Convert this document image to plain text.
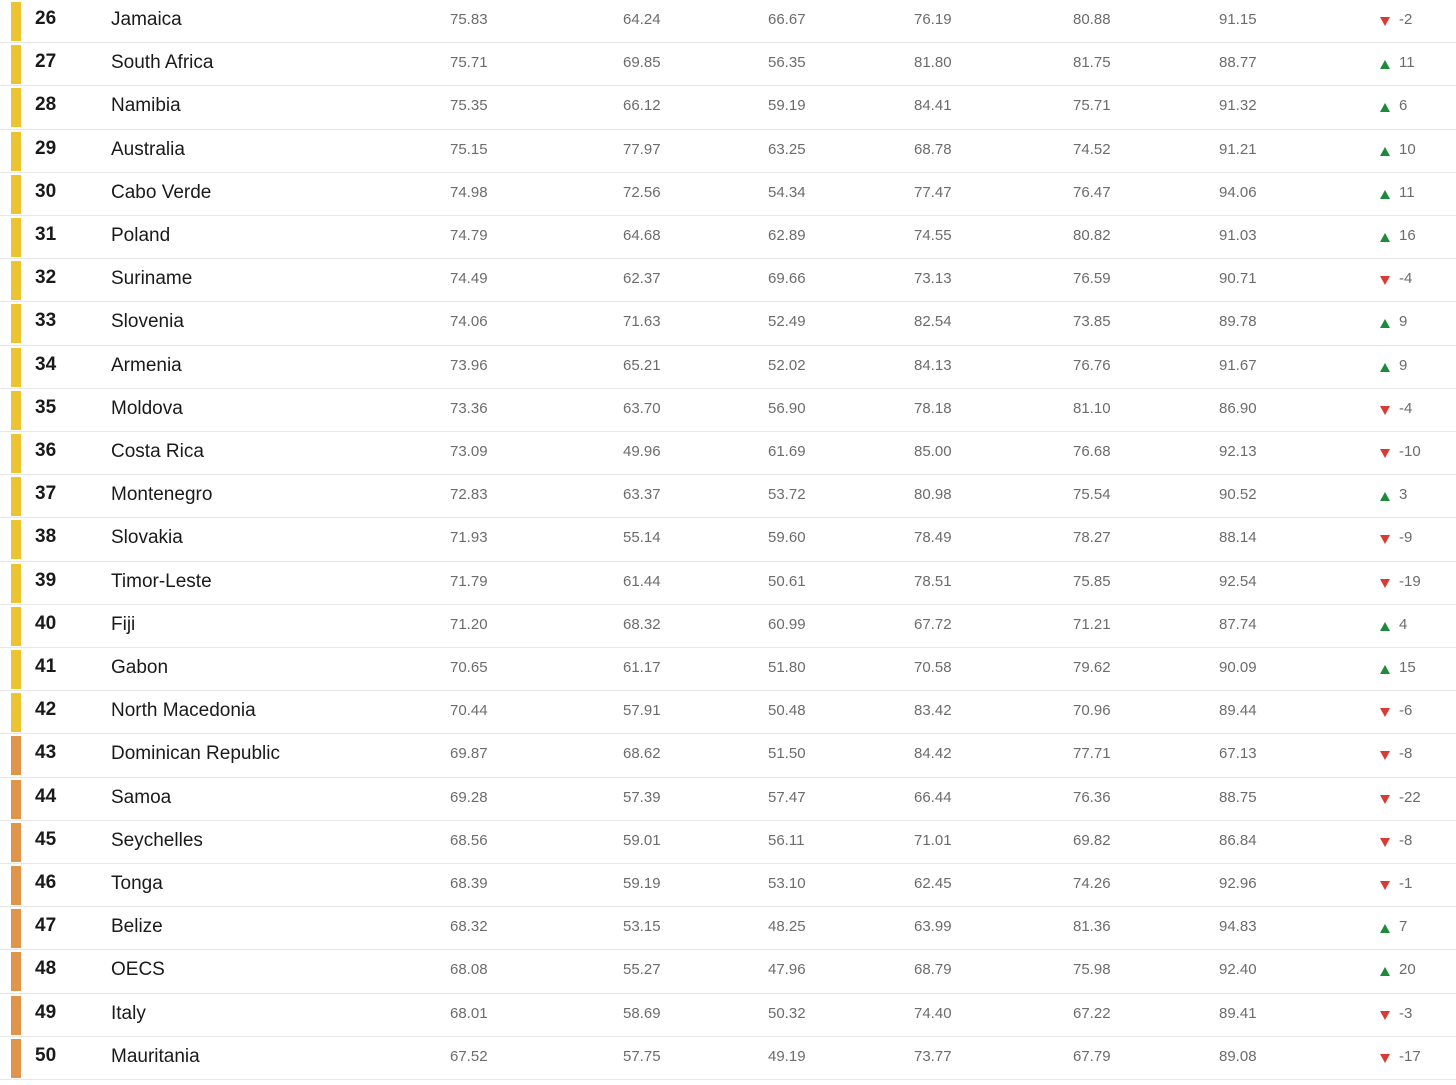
26	Jamaica	75.83	64.24	66.67	76.19	80.88	91.15	-2
27	South Africa	75.71	69.85	56.35	81.80	81.75	88.77	11
28	Namibia	75.35	66.12	59.19	84.41	75.71	91.32	6
29	Australia	75.15	77.97	63.25	68.78	74.52	91.21	10
30	Cabo Verde	74.98	72.56	54.34	77.47	76.47	94.06	11
31	Poland	74.79	64.68	62.89	74.55	80.82	91.03	16
32	Suriname	74.49	62.37	69.66	73.13	76.59	90.71	-4
33	Slovenia	74.06	71.63	52.49	82.54	73.85	89.78	9
34	Armenia	73.96	65.21	52.02	84.13	76.76	91.67	9
35	Moldova	73.36	63.70	56.90	78.18	81.10	86.90	-4
36	Costa Rica	73.09	49.96	61.69	85.00	76.68	92.13	-10
37	Montenegro	72.83	63.37	53.72	80.98	75.54	90.52	3
38	Slovakia	71.93	55.14	59.60	78.49	78.27	88.14	-9
39	Timor-Leste	71.79	61.44	50.61	78.51	75.85	92.54	-19
40	Fiji	71.20	68.32	60.99	67.72	71.21	87.74	4
41	Gabon	70.65	61.17	51.80	70.58	79.62	90.09	15
42	North Macedonia	70.44	57.91	50.48	83.42	70.96	89.44	-6
43	Dominican Republic	69.87	68.62	51.50	84.42	77.71	67.13	-8
44	Samoa	69.28	57.39	57.47	66.44	76.36	88.75	-22
45	Seychelles	68.56	59.01	56.11	71.01	69.82	86.84	-8
46	Tonga	68.39	59.19	53.10	62.45	74.26	92.96	-1
47	Belize	68.32	53.15	48.25	63.99	81.36	94.83	7
48	OECS	68.08	55.27	47.96	68.79	75.98	92.40	20
49	Italy	68.01	58.69	50.32	74.40	67.22	89.41	-3
50	Mauritania	67.52	57.75	49.19	73.77	67.79	89.08	-17
